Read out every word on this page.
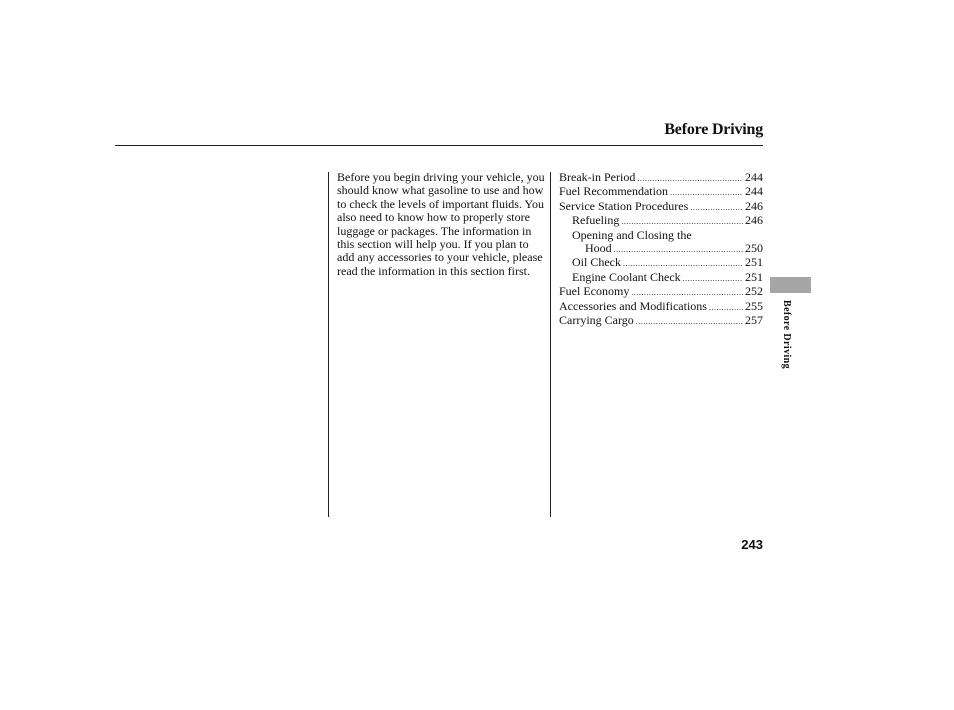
Before Driving

Before you begin driving your vehicle, you should know what gasoline to use and how to check the levels of important fluids. You also need to know how to properly store luggage or packages. The information in this section will help you. If you plan to add any accessories to your vehicle, please read the information in this section first.

Break-in Period .....	244
Fuel Recommendation .....	244
Service Station Procedures .....	246
Refueling .....	246
Opening and Closing the
Hood .....	250
Oil Check .....	251
Engine Coolant Check .....	251
Fuel Economy .....	252
Accessories and Modifications .....	255
Carrying Cargo .....	257 Before Driving
243
